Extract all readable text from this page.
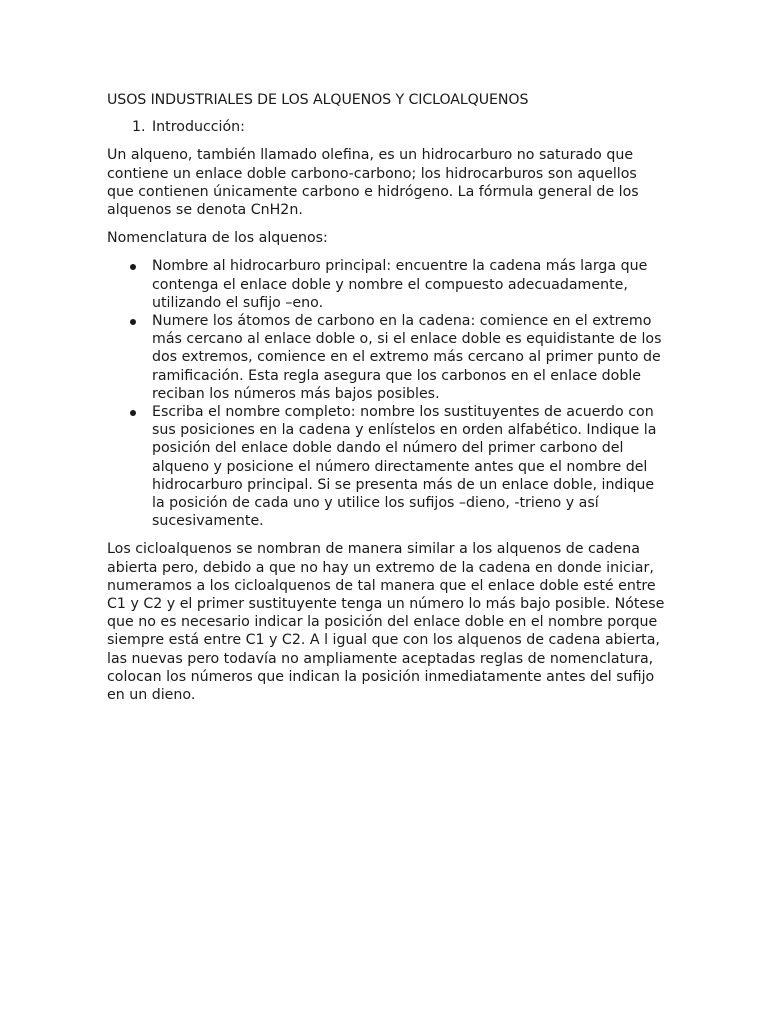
USOS INDUSTRIALES DE LOS ALQUENOS Y CICLOALQUENOS
1. Introducción:

Un alqueno, también llamado olefina, es un hidrocarburo no saturado que contiene un enlace doble carbono-carbono; los hidrocarburos son aquellos que contienen únicamente carbono e hidrógeno. La fórmula general de los alquenos se denota CnH2n.

Nomenclatura de los alquenos:

Nombre al hidrocarburo principal: encuentre la cadena más larga que contenga el enlace doble y nombre el compuesto adecuadamente, utilizando el sufijo –eno.
Numere los átomos de carbono en la cadena: comience en el extremo más cercano al enlace doble o, si el enlace doble es equidistante de los dos extremos, comience en el extremo más cercano al primer punto de ramificación. Esta regla asegura que los carbonos en el enlace doble reciban los números más bajos posibles.
Escriba el nombre completo: nombre los sustituyentes de acuerdo con sus posiciones en la cadena y enlístelos en orden alfabético. Indique la posición del enlace doble dando el número del primer carbono del alqueno y posicione el número directamente antes que el nombre del hidrocarburo principal. Si se presenta más de un enlace doble, indique la posición de cada uno y utilice los sufijos –dieno, -trieno y así sucesivamente.

Los cicloalquenos se nombran de manera similar a los alquenos de cadena abierta pero, debido a que no hay un extremo de la cadena en donde iniciar, numeramos a los cicloalquenos de tal manera que el enlace doble esté entre C1 y C2 y el primer sustituyente tenga un número lo más bajo posible. Nótese que no es necesario indicar la posición del enlace doble en el nombre porque siempre está entre C1 y C2. A l igual que con los alquenos de cadena abierta, las nuevas pero todavía no ampliamente aceptadas reglas de nomenclatura, colocan los números que indican la posición inmediatamente antes del sufijo en un dieno.
